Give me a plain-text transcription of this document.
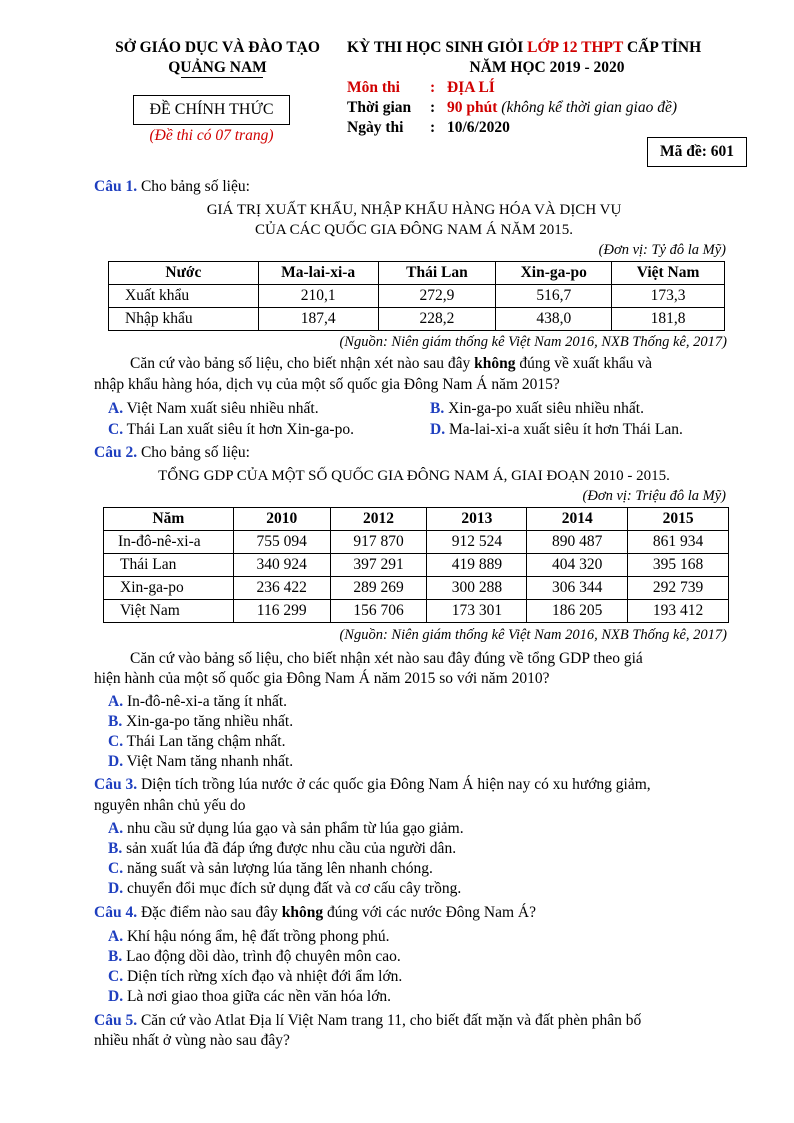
SỞ GIÁO DỤC VÀ ĐÀO TẠO
QUẢNG NAM
ĐỀ CHÍNH THỨC
(Đề thi có 07 trang)
KỲ THI HỌC SINH GIỎI LỚP 12 THPT CẤP TỈNH
NĂM HỌC 2019 - 2020
Môn thi : ĐỊA LÍ
Thời gian : 90 phút (không kể thời gian giao đề)
Ngày thi : 10/6/2020
Mã đề: 601
Câu 1. Cho bảng số liệu:
GIÁ TRỊ XUẤT KHẨU, NHẬP KHẨU HÀNG HÓA VÀ DỊCH VỤ
CỦA CÁC QUỐC GIA ĐÔNG NAM Á NĂM 2015.
(Đơn vị: Tỷ đô la Mỹ)
Nước	Ma-lai-xi-a	Thái Lan	Xin-ga-po	Việt Nam
Xuất khẩu	210,1	272,9	516,7	173,3
Nhập khẩu	187,4	228,2	438,0	181,8
(Nguồn: Niên giám thống kê Việt Nam 2016, NXB Thống kê, 2017)
Căn cứ vào bảng số liệu, cho biết nhận xét nào sau đây không đúng về xuất khẩu và
nhập khẩu hàng hóa, dịch vụ của một số quốc gia Đông Nam Á năm 2015?
A. Việt Nam xuất siêu nhiều nhất.	B. Xin-ga-po xuất siêu nhiều nhất.
C. Thái Lan xuất siêu ít hơn Xin-ga-po.	D. Ma-lai-xi-a xuất siêu ít hơn Thái Lan.
Câu 2. Cho bảng số liệu:
TỔNG GDP CỦA MỘT SỐ QUỐC GIA ĐÔNG NAM Á, GIAI ĐOẠN 2010 - 2015.
(Đơn vị: Triệu đô la Mỹ)
Năm	2010	2012	2013	2014	2015
In-đô-nê-xi-a	755 094	917 870	912 524	890 487	861 934
Thái Lan	340 924	397 291	419 889	404 320	395 168
Xin-ga-po	236 422	289 269	300 288	306 344	292 739
Việt Nam	116 299	156 706	173 301	186 205	193 412
(Nguồn: Niên giám thống kê Việt Nam 2016, NXB Thống kê, 2017)
Căn cứ vào bảng số liệu, cho biết nhận xét nào sau đây đúng về tổng GDP theo giá
hiện hành của một số quốc gia Đông Nam Á năm 2015 so với năm 2010?
A. In-đô-nê-xi-a tăng ít nhất.
B. Xin-ga-po tăng nhiều nhất.
C. Thái Lan tăng chậm nhất.
D. Việt Nam tăng nhanh nhất.
Câu 3. Diện tích trồng lúa nước ở các quốc gia Đông Nam Á hiện nay có xu hướng giảm,
nguyên nhân chủ yếu do
A. nhu cầu sử dụng lúa gạo và sản phẩm từ lúa gạo giảm.
B. sản xuất lúa đã đáp ứng được nhu cầu của người dân.
C. năng suất và sản lượng lúa tăng lên nhanh chóng.
D. chuyển đổi mục đích sử dụng đất và cơ cấu cây trồng.
Câu 4. Đặc điểm nào sau đây không đúng với các nước Đông Nam Á?
A. Khí hậu nóng ẩm, hệ đất trồng phong phú.
B. Lao động dồi dào, trình độ chuyên môn cao.
C. Diện tích rừng xích đạo và nhiệt đới ẩm lớn.
D. Là nơi giao thoa giữa các nền văn hóa lớn.
Câu 5. Căn cứ vào Atlat Địa lí Việt Nam trang 11, cho biết đất mặn và đất phèn phân bố
nhiều nhất ở vùng nào sau đây?
